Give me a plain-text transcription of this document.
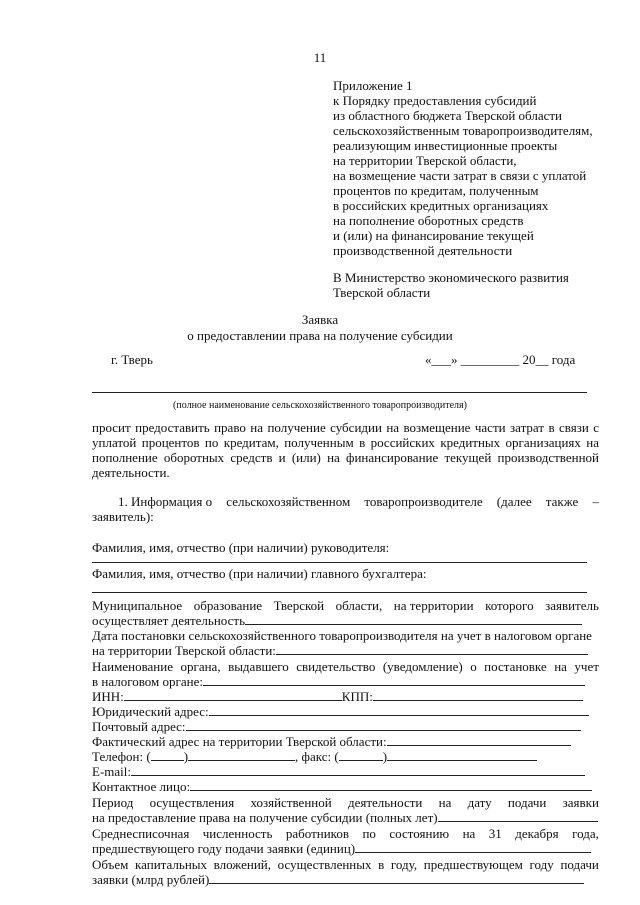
11
Приложение 1
к Порядку предоставления субсидий
из областного бюджета Тверской области
сельскохозяйственным товаропроизводителям,
реализующим инвестиционные проекты
на территории Тверской области,
на возмещение части затрат в связи с уплатой
процентов по кредитам, полученным
в российских кредитных организациях
на пополнение оборотных средств
и (или) на финансирование текущей
производственной деятельности
В Министерство экономического развития
Тверской области
Заявка
о предоставлении права на получение субсидии
г. Тверь	«___» _________ 20__ года
(полное наименование сельскохозяйственного товаропроизводителя)
просит предоставить право на получение субсидии на возмещение части затрат в связи с уплатой процентов по кредитам, полученным в российских кредитных организациях на пополнение оборотных средств и (или) на финансирование текущей производственной деятельности.
1. Информация о сельскохозяйственном товаропроизводителе (далее также –
заявитель):
Фамилия, имя, отчество (при наличии) руководителя:
Фамилия, имя, отчество (при наличии) главного бухгалтера:
Муниципальное образование Тверской области, на территории которого заявитель
осуществляет деятельность
Дата постановки сельскохозяйственного товаропроизводителя на учет в налоговом органе
на территории Тверской области:
Наименование органа, выдавшего свидетельство (уведомление) о постановке на учет
в налоговом органе:
ИНН:	КПП:
Юридический адрес:
Почтовый адрес:
Фактический адрес на территории Тверской области:
Телефон: (	)	, факс: (	)
E-mail:
Контактное лицо:
Период осуществления хозяйственной деятельности на дату подачи заявки
на предоставление права на получение субсидии (полных лет)
Среднесписочная численность работников по состоянию на 31 декабря года,
предшествующего году подачи заявки (единиц)
Объем капитальных вложений, осуществленных в году, предшествующем году подачи
заявки (млрд рублей)
